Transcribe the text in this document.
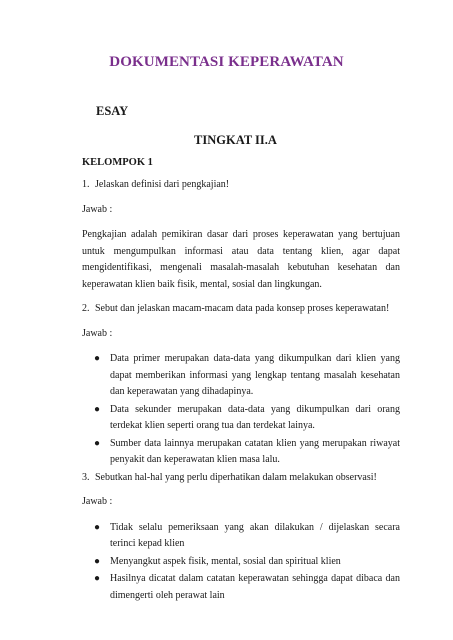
DOKUMENTASI KEPERAWATAN
ESAY
TINGKAT II.A
KELOMPOK 1
1. Jelaskan definisi dari pengkajian!
Jawab :

Pengkajian adalah pemikiran dasar dari proses keperawatan yang bertujuan untuk mengumpulkan informasi atau data tentang klien, agar dapat mengidentifikasi, mengenali masalah-masalah kebutuhan kesehatan dan keperawatan klien baik fisik, mental, sosial dan lingkungan.

2. Sebut dan jelaskan macam-macam data pada konsep proses keperawatan!
Jawab :
● Data primer merupakan data-data yang dikumpulkan dari klien yang dapat memberikan informasi yang lengkap tentang masalah kesehatan dan keperawatan yang dihadapinya.
● Data sekunder merupakan data-data yang dikumpulkan dari orang terdekat klien seperti orang tua dan terdekat lainya.
● Sumber data lainnya merupakan catatan klien yang merupakan riwayat penyakit dan keperawatan klien masa lalu.
3. Sebutkan hal-hal yang perlu diperhatikan dalam melakukan observasi!
Jawab :
● Tidak selalu pemeriksaan yang akan dilakukan / dijelaskan secara terinci kepad klien
● Menyangkut aspek fisik, mental, sosial dan spiritual klien
● Hasilnya dicatat dalam catatan keperawatan sehingga dapat dibaca dan dimengerti oleh perawat lain
